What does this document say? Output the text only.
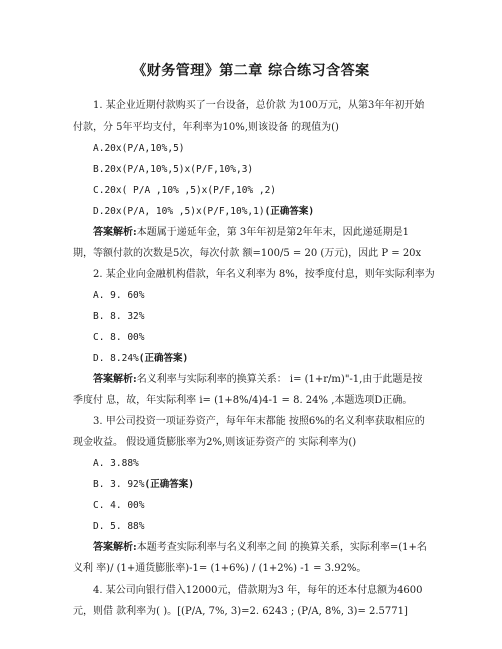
《财务管理》第二章 综合练习含答案
1. 某企业近期付款购买了一台设备，总价款 为100万元，从第3年年初开始
付款，分 5年平均支付，年利率为10%,则该设备 的现值为()
A.20x(P/A,10%,5)
B.20x(P/A,10%,5)x(P/F,10%,3)
C.20x( P/A ,10% ,5)x(P/F,10% ,2)
D.20x(P/A, 10% ,5)x(P/F,10%,1)(正确答案)
答案解析:本题属于递延年金，第 3年年初是第2年年末，因此递延期是1
期，等额付款的次数是5次，每次付款 额=100/5 = 20 (万元)，因此 P = 20x
2. 某企业向金融机构借款，年名义利率为 8%，按季度付息，则年实际利率为
A. 9. 60%
B. 8. 32%
C. 8. 00%
D. 8.24%(正确答案)
答案解析:名义利率与实际利率的换算关系： i= (1+r/m)"-1,由于此题是按
季度付 息，故，年实际利率 i= (1+8%/4)4-1 = 8. 24% ,本题选项D正确。
3. 甲公司投资一项证券资产，每年年末都能 按照6%的名义利率获取相应的
现金收益。 假设通货膨胀率为2%,则该证券资产的 实际利率为()
A. 3.88%
B. 3. 92%(正确答案)
C. 4. 00%
D. 5. 88%
答案解析:本题考查实际利率与名义利率之间 的换算关系，实际利率=(1+名
义利 率)/ (1+通货膨胀率)-1= (1+6%) / (1+2%) -1 = 3.92%。
4. 某公司向银行借入12000元，借款期为3 年，每年的还本付息额为4600
元，则借 款利率为( )。[(P/A, 7%, 3)=2. 6243 ; (P/A, 8%, 3)= 2.5771]
